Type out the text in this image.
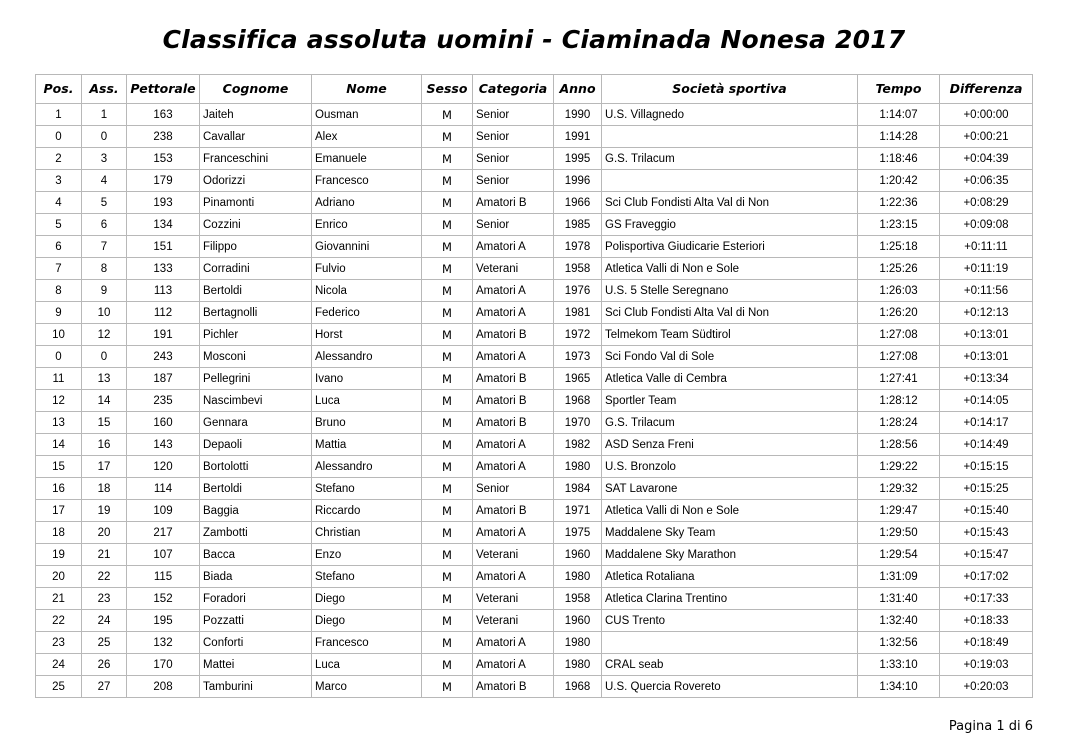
Classifica assoluta uomini - Ciaminada Nonesa 2017
Pos.	Ass.	Pettorale	Cognome	Nome	Sesso	Categoria	Anno	Società sportiva	Tempo	Differenza
1	1	163	Jaiteh	Ousman	M	Senior	1990	U.S. Villagnedo	1:14:07	+0:00:00
0	0	238	Cavallar	Alex	M	Senior	1991		1:14:28	+0:00:21
2	3	153	Franceschini	Emanuele	M	Senior	1995	G.S. Trilacum	1:18:46	+0:04:39
3	4	179	Odorizzi	Francesco	M	Senior	1996		1:20:42	+0:06:35
4	5	193	Pinamonti	Adriano	M	Amatori B	1966	Sci Club Fondisti Alta Val di Non	1:22:36	+0:08:29
5	6	134	Cozzini	Enrico	M	Senior	1985	GS Fraveggio	1:23:15	+0:09:08
6	7	151	Filippo	Giovannini	M	Amatori A	1978	Polisportiva Giudicarie Esteriori	1:25:18	+0:11:11
7	8	133	Corradini	Fulvio	M	Veterani	1958	Atletica Valli di Non e Sole	1:25:26	+0:11:19
8	9	113	Bertoldi	Nicola	M	Amatori A	1976	U.S. 5 Stelle Seregnano	1:26:03	+0:11:56
9	10	112	Bertagnolli	Federico	M	Amatori A	1981	Sci Club Fondisti Alta Val di Non	1:26:20	+0:12:13
10	12	191	Pichler	Horst	M	Amatori B	1972	Telmekom Team Südtirol	1:27:08	+0:13:01
0	0	243	Mosconi	Alessandro	M	Amatori A	1973	Sci Fondo Val di Sole	1:27:08	+0:13:01
11	13	187	Pellegrini	Ivano	M	Amatori B	1965	Atletica Valle di Cembra	1:27:41	+0:13:34
12	14	235	Nascimbevi	Luca	M	Amatori B	1968	Sportler Team	1:28:12	+0:14:05
13	15	160	Gennara	Bruno	M	Amatori B	1970	G.S. Trilacum	1:28:24	+0:14:17
14	16	143	Depaoli	Mattia	M	Amatori A	1982	ASD Senza Freni	1:28:56	+0:14:49
15	17	120	Bortolotti	Alessandro	M	Amatori A	1980	U.S. Bronzolo	1:29:22	+0:15:15
16	18	114	Bertoldi	Stefano	M	Senior	1984	SAT Lavarone	1:29:32	+0:15:25
17	19	109	Baggia	Riccardo	M	Amatori B	1971	Atletica Valli di Non e Sole	1:29:47	+0:15:40
18	20	217	Zambotti	Christian	M	Amatori A	1975	Maddalene Sky Team	1:29:50	+0:15:43
19	21	107	Bacca	Enzo	M	Veterani	1960	Maddalene Sky Marathon	1:29:54	+0:15:47
20	22	115	Biada	Stefano	M	Amatori A	1980	Atletica Rotaliana	1:31:09	+0:17:02
21	23	152	Foradori	Diego	M	Veterani	1958	Atletica Clarina Trentino	1:31:40	+0:17:33
22	24	195	Pozzatti	Diego	M	Veterani	1960	CUS Trento	1:32:40	+0:18:33
23	25	132	Conforti	Francesco	M	Amatori A	1980		1:32:56	+0:18:49
24	26	170	Mattei	Luca	M	Amatori A	1980	CRAL seab	1:33:10	+0:19:03
25	27	208	Tamburini	Marco	M	Amatori B	1968	U.S. Quercia Rovereto	1:34:10	+0:20:03
Pagina 1 di 6
